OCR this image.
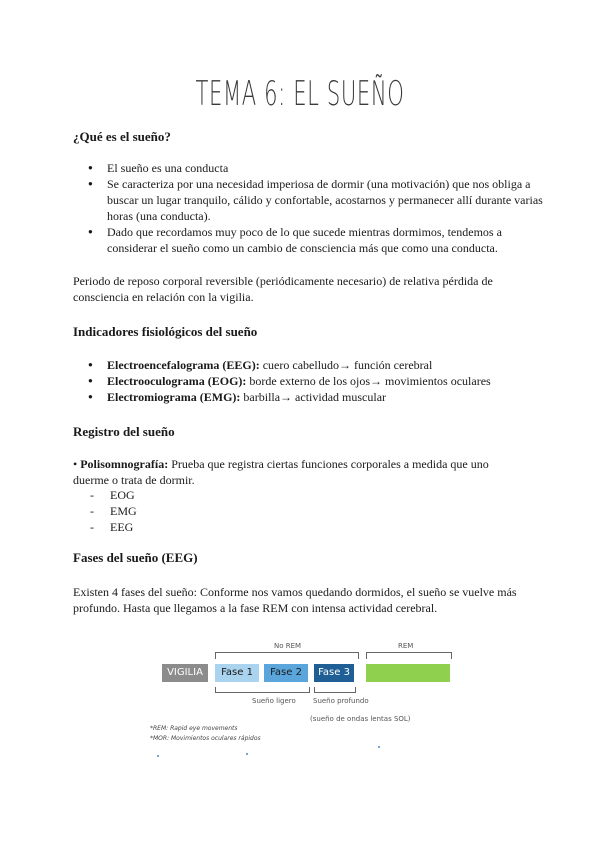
TEMA 6: EL SUEÑO
¿Qué es el sueño?
● El sueño es una conducta
● Se caracteriza por una necesidad imperiosa de dormir (una motivación) que nos obliga a buscar un lugar tranquilo, cálido y confortable, acostarnos y permanecer allí durante varias horas (una conducta).
● Dado que recordamos muy poco de lo que sucede mientras dormimos, tendemos a considerar el sueño como un cambio de consciencia más que como una conducta.
Periodo de reposo corporal reversible (periódicamente necesario) de relativa pérdida de consciencia en relación con la vigilia.
Indicadores fisiológicos del sueño
● Electroencefalograma (EEG): cuero cabelludo→ función cerebral
● Electrooculograma (EOG): borde externo de los ojos→ movimientos oculares
● Electromiograma (EMG): barbilla→ actividad muscular
Registro del sueño
• Polisomnografía: Prueba que registra ciertas funciones corporales a medida que uno duerme o trata de dormir.
- EOG
- EMG
- EEG
Fases del sueño (EEG)
Existen 4 fases del sueño: Conforme nos vamos quedando dormidos, el sueño se vuelve más profundo. Hasta que llegamos a la fase REM con intensa actividad cerebral.
No REM	REM
VIGILIA	Fase 1	Fase 2	Fase 3
Sueño ligero Sueño profundo
(sueño de ondas lentas SOL)
*REM: Rapid eye movements
*MOR: Movimientos oculares rápidos
